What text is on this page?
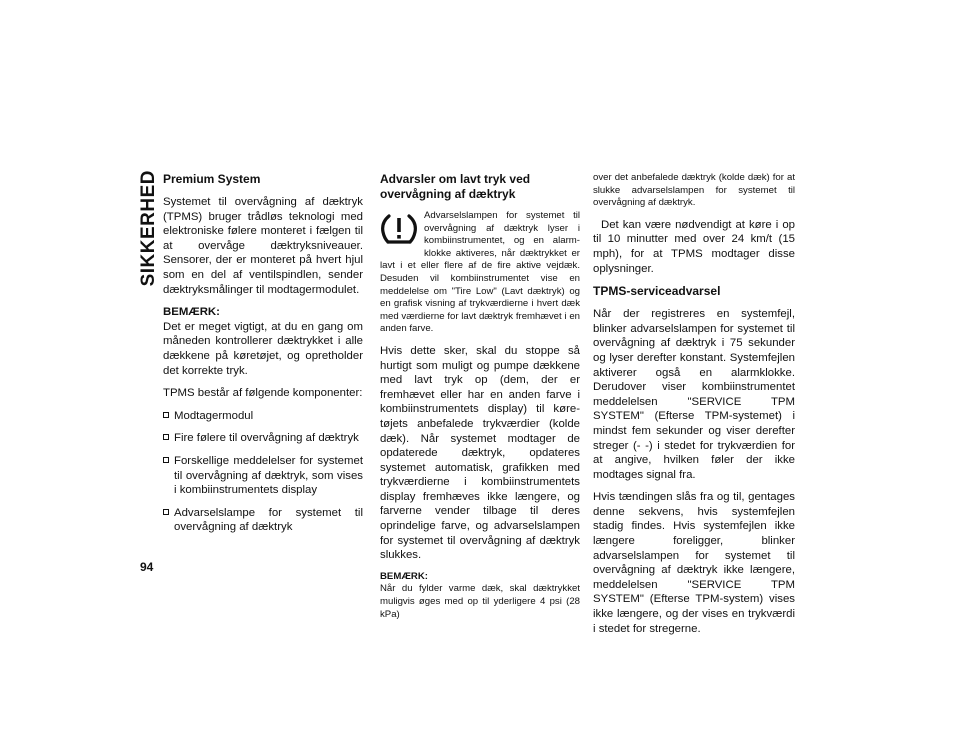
SIKKERHED Premium System

Systemet til overvågning af dæktryk (TPMS) bruger trådløs teknologi med elektroniske følere monteret i fælgen til at overvåge dæktryksniveauer. Sensorer, der er monteret på hvert hjul som en del af ventilspindlen, sender dæktryksmålinger til modtagermodulet.

BEMÆRK:
Det er meget vigtigt, at du en gang om måneden kontrollerer dæktrykket i alle dækkene på køretøjet, og opretholder det korrekte tryk.

TPMS består af følgende komponenter:

Modtagermodul
Fire følere til overvågning af dæktryk
Forskellige meddelelser for systemet til overvågning af dæktryk, som vises i kombiinstrumentets display
Advarselslampe for systemet til overvågning af dæktryk
Advarsler om lavt tryk ved overvågning af dæktryk

Advarselslampen for systemet til overvågning af dæktryk lyser i kombiinstrumentet, og en alarmklokke aktiveres, når dæktrykket er lavt i et eller flere af de fire aktive vejdæk. Desuden vil kombiinstrumentet vise en meddelelse om "Tire Low" (Lavt dæktryk) og en grafisk visning af trykværdierne i hvert dæk med værdierne for lavt dæktryk fremhævet i en anden farve.

Hvis dette sker, skal du stoppe så hurtigt som muligt og pumpe dækkene med lavt tryk op (dem, der er fremhævet eller har en anden farve i kombiinstrumentets display) til køretøjets anbefalede trykværdier (kolde dæk). Når systemet modtager de opdaterede dæktryk, opdateres systemet automatisk, grafikken med trykværdierne i kombiinstrumentets display fremhæves ikke længere, og farverne vender tilbage til deres oprindelige farve, og advarselslampen for systemet til overvågning af dæktryk slukkes.

BEMÆRK:
Når du fylder varme dæk, skal dæktrykket muligvis øges med op til yderligere 4 psi (28 kPa)

over det anbefalede dæktryk (kolde dæk) for at slukke advarselslampen for systemet til overvågning af dæktryk.

Det kan være nødvendigt at køre i op til 10 minutter med over 24 km/t (15 mph), for at TPMS modtager disse oplysninger.

TPMS-serviceadvarsel

Når der registreres en systemfejl, blinker advarselslampen for systemet til overvågning af dæktryk i 75 sekunder og lyser derefter konstant. Systemfejlen aktiverer også en alarmklokke. Derudover viser kombiinstrumentet meddelelsen "SERVICE TPM SYSTEM" (Efterse TPM-systemet) i mindst fem sekunder og viser derefter streger (- -) i stedet for trykværdien for at angive, hvilken føler der ikke modtages signal fra.

Hvis tændingen slås fra og til, gentages denne sekvens, hvis systemfejlen stadig findes. Hvis systemfejlen ikke længere foreligger, blinker advarselslampen for systemet til overvågning af dæktryk ikke længere, meddelelsen "SERVICE TPM SYSTEM" (Efterse TPM-system) vises ikke længere, og der vises en trykværdi i stedet for stregerne.

94
